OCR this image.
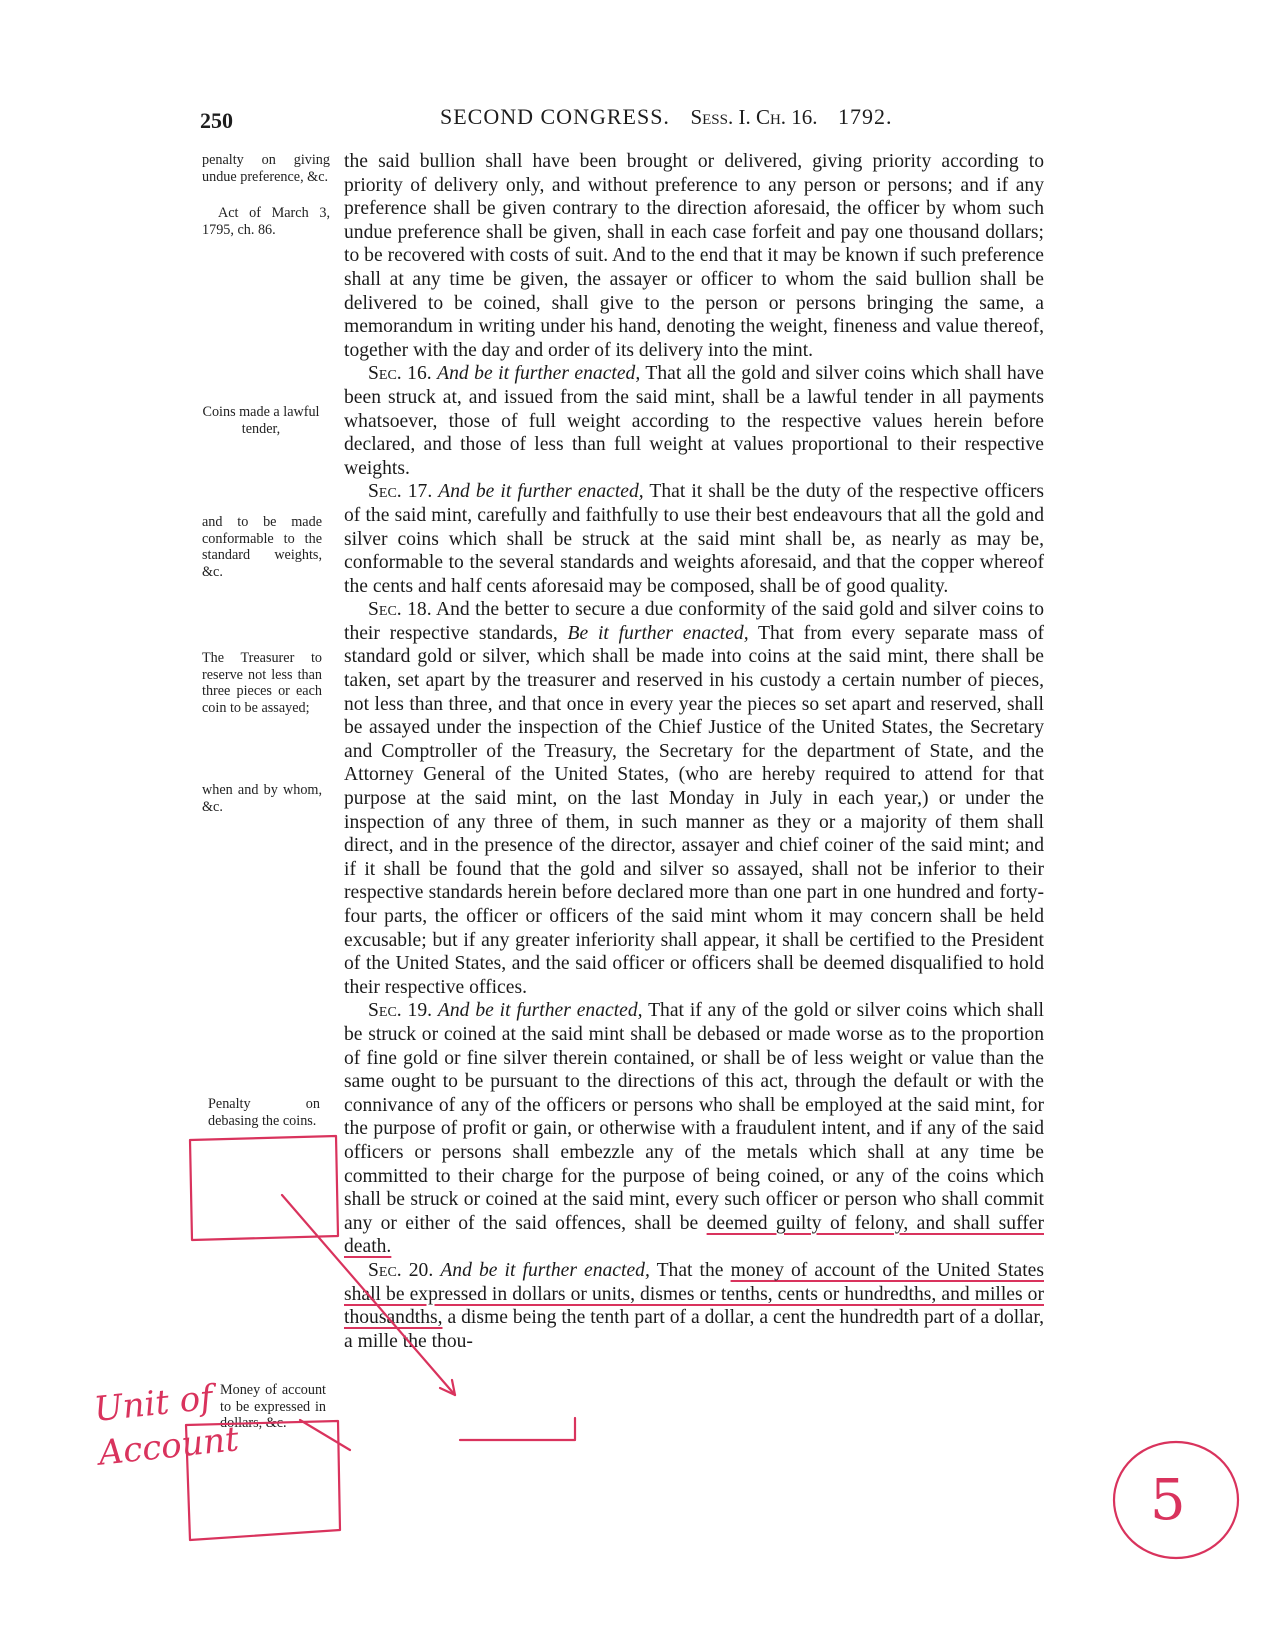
250	SECOND CONGRESS. Sess. I. Ch. 16. 1792.
penalty on giving undue preference, &c.
Act of March 3, 1795, ch. 86.
Coins made a lawful tender,
and to be made conformable to the standard weights, &c.
The Treasurer to reserve not less than three pieces or each coin to be assayed;
when and by whom, &c.
Penalty on debasing the coins.
Money of account to be expressed in dollars, &c.

the said bullion shall have been brought or delivered, giving priority according to priority of delivery only, and without preference to any person or persons; and if any preference shall be given contrary to the direction aforesaid, the officer by whom such undue preference shall be given, shall in each case forfeit and pay one thousand dollars; to be recovered with costs of suit. And to the end that it may be known if such preference shall at any time be given, the assayer or officer to whom the said bullion shall be delivered to be coined, shall give to the person or persons bringing the same, a memorandum in writing under his hand, denoting the weight, fineness and value thereof, together with the day and order of its delivery into the mint.

Sec. 16. And be it further enacted, That all the gold and silver coins which shall have been struck at, and issued from the said mint, shall be a lawful tender in all payments whatsoever, those of full weight according to the respective values herein before declared, and those of less than full weight at values proportional to their respective weights.

Sec. 17. And be it further enacted, That it shall be the duty of the respective officers of the said mint, carefully and faithfully to use their best endeavours that all the gold and silver coins which shall be struck at the said mint shall be, as nearly as may be, conformable to the several standards and weights aforesaid, and that the copper whereof the cents and half cents aforesaid may be composed, shall be of good quality.

Sec. 18. And the better to secure a due conformity of the said gold and silver coins to their respective standards, Be it further enacted, That from every separate mass of standard gold or silver, which shall be made into coins at the said mint, there shall be taken, set apart by the treasurer and reserved in his custody a certain number of pieces, not less than three, and that once in every year the pieces so set apart and reserved, shall be assayed under the inspection of the Chief Justice of the United States, the Secretary and Comptroller of the Treasury, the Secretary for the department of State, and the Attorney General of the United States, (who are hereby required to attend for that purpose at the said mint, on the last Monday in July in each year,) or under the inspection of any three of them, in such manner as they or a majority of them shall direct, and in the presence of the director, assayer and chief coiner of the said mint; and if it shall be found that the gold and silver so assayed, shall not be inferior to their respective standards herein before declared more than one part in one hundred and forty-four parts, the officer or officers of the said mint whom it may concern shall be held excusable; but if any greater inferiority shall appear, it shall be certified to the President of the United States, and the said officer or officers shall be deemed disqualified to hold their respective offices.

Sec. 19. And be it further enacted, That if any of the gold or silver coins which shall be struck or coined at the said mint shall be debased or made worse as to the proportion of fine gold or fine silver therein contained, or shall be of less weight or value than the same ought to be pursuant to the directions of this act, through the default or with the connivance of any of the officers or persons who shall be employed at the said mint, for the purpose of profit or gain, or otherwise with a fraudulent intent, and if any of the said officers or persons shall embezzle any of the metals which shall at any time be committed to their charge for the purpose of being coined, or any of the coins which shall be struck or coined at the said mint, every such officer or person who shall commit any or either of the said offences, shall be deemed guilty of felony, and shall suffer death.

Sec. 20. And be it further enacted, That the money of account of the United States shall be expressed in dollars or units, dismes or tenths, cents or hundredths, and milles or thousandths, a disme being the tenth part of a dollar, a cent the hundredth part of a dollar, a mille the thou-

Unit of Account
5
